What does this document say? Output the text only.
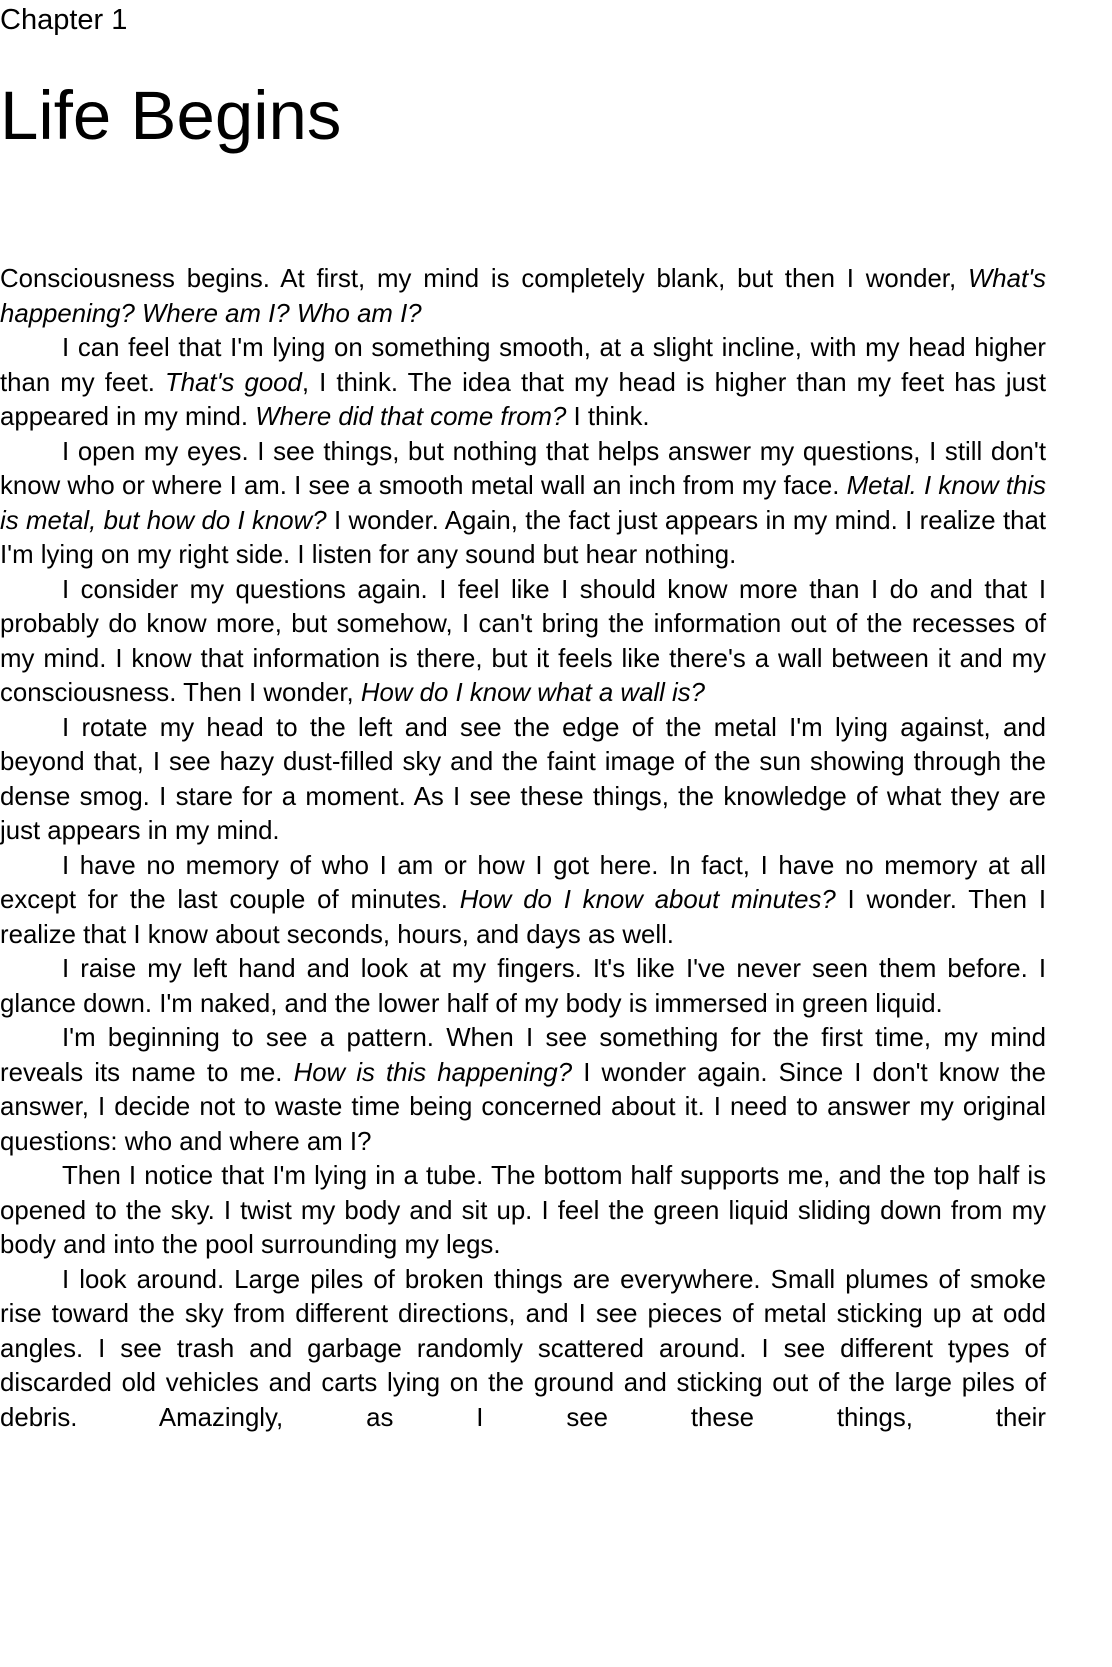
Chapter 1
Life Begins

Consciousness begins. At first, my mind is completely blank, but then I wonder, What's happening? Where am I? Who am I?

I can feel that I'm lying on something smooth, at a slight incline, with my head higher than my feet. That's good, I think. The idea that my head is higher than my feet has just appeared in my mind. Where did that come from? I think.

I open my eyes. I see things, but nothing that helps answer my questions, I still don't know who or where I am. I see a smooth metal wall an inch from my face. Metal. I know this is metal, but how do I know? I wonder. Again, the fact just appears in my mind. I realize that I'm lying on my right side. I listen for any sound but hear nothing.

I consider my questions again. I feel like I should know more than I do and that I probably do know more, but somehow, I can't bring the information out of the recesses of my mind. I know that information is there, but it feels like there's a wall between it and my consciousness. Then I wonder, How do I know what a wall is?

I rotate my head to the left and see the edge of the metal I'm lying against, and beyond that, I see hazy dust-filled sky and the faint image of the sun showing through the dense smog. I stare for a moment. As I see these things, the knowledge of what they are just appears in my mind.

I have no memory of who I am or how I got here. In fact, I have no memory at all except for the last couple of minutes. How do I know about minutes? I wonder. Then I realize that I know about seconds, hours, and days as well.

I raise my left hand and look at my fingers. It's like I've never seen them before. I glance down. I'm naked, and the lower half of my body is immersed in green liquid.

I'm beginning to see a pattern. When I see something for the first time, my mind reveals its name to me. How is this happening? I wonder again. Since I don't know the answer, I decide not to waste time being concerned about it. I need to answer my original questions: who and where am I?

Then I notice that I'm lying in a tube. The bottom half supports me, and the top half is opened to the sky. I twist my body and sit up. I feel the green liquid sliding down from my body and into the pool surrounding my legs.

I look around. Large piles of broken things are everywhere. Small plumes of smoke rise toward the sky from different directions, and I see pieces of metal sticking up at odd angles. I see trash and garbage randomly scattered around. I see different types of discarded old vehicles and carts lying on the ground and sticking out of the large piles of debris. Amazingly, as I see these things, their
